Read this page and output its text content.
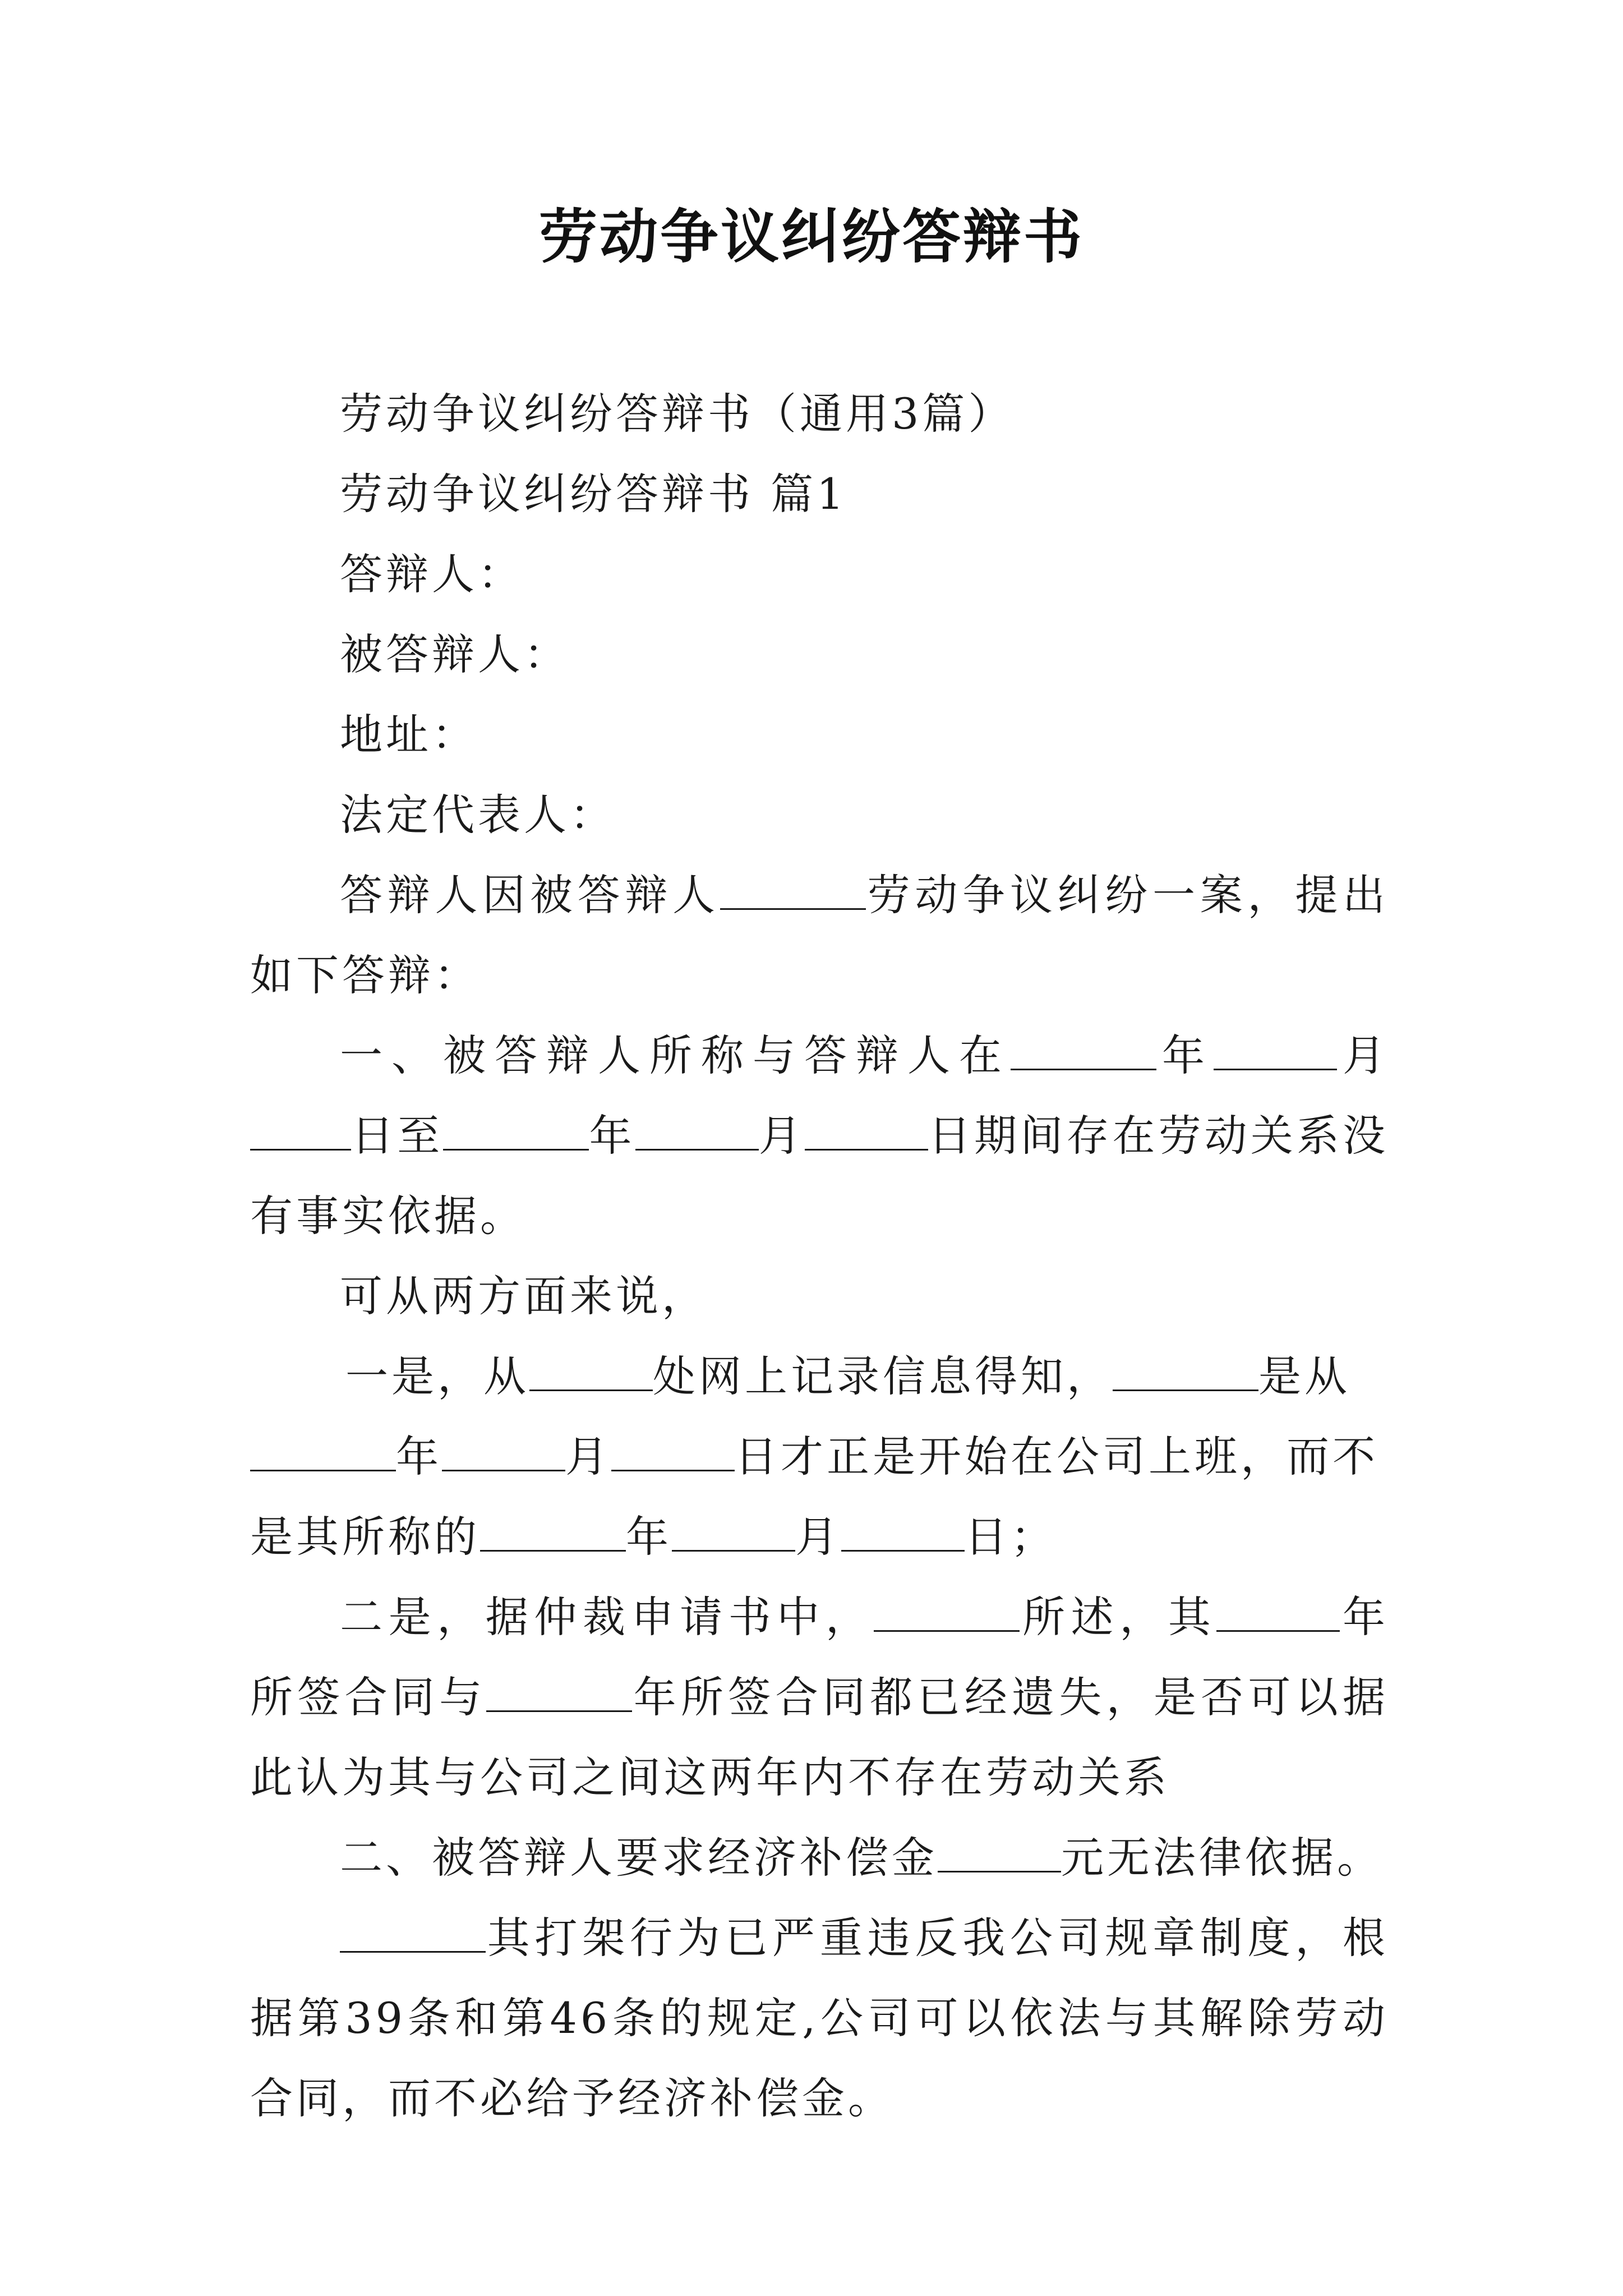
劳动争议纠纷答辩书

劳动争议纠纷答辩书（通用3篇）

劳动争议纠纷答辩书 篇1

答辩人：

被答辩人：

地址：

法定代表人：

答辩人因被答辩人	劳动争议纠纷一案，提出如下答辩：

一、被答辩人所称与答辩人在	年	月日至	年	月	日期间存在劳动关系没有事实依据。

可从两方面来说，

一是，从	处网上记录信息得知，	是从年	月	日才正是开始在公司上班，而不是其所称的	年	月	日；

二是，据仲裁申请书中，	所述，其	年所签合同与	年所签合同都已经遗失，是否可以据此认为其与公司之间这两年内不存在劳动关系

二、被答辩人要求经济补偿金	元无法律依据。

其打架行为已严重违反我公司规章制度，根据第39条和第46条的规定,公司可以依法与其解除劳动合同，而不必给予经济补偿金。
